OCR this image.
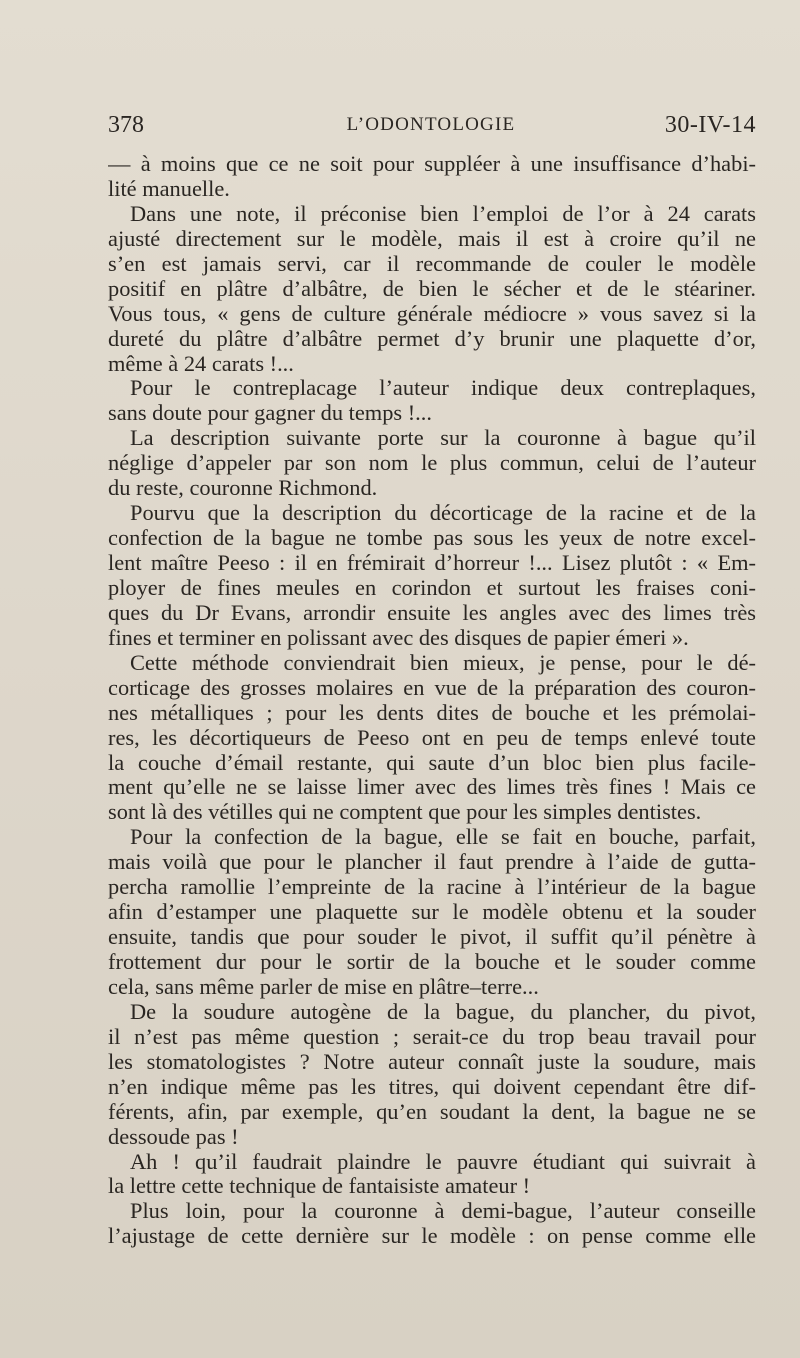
378	L’ODONTOLOGIE	30-IV-14
— à moins que ce ne soit pour suppléer à une insuffisance d’habi-
lité manuelle.
Dans une note, il préconise bien l’emploi de l’or à 24 carats
ajusté directement sur le modèle, mais il est à croire qu’il ne
s’en est jamais servi, car il recommande de couler le modèle
positif en plâtre d’albâtre, de bien le sécher et de le stéariner.
Vous tous, « gens de culture générale médiocre » vous savez si la
dureté du plâtre d’albâtre permet d’y brunir une plaquette d’or,
même à 24 carats !...
Pour le contreplacage l’auteur indique deux contreplaques,
sans doute pour gagner du temps !...
La description suivante porte sur la couronne à bague qu’il
néglige d’appeler par son nom le plus commun, celui de l’auteur
du reste, couronne Richmond.
Pourvu que la description du décorticage de la racine et de la
confection de la bague ne tombe pas sous les yeux de notre excel-
lent maître Peeso : il en frémirait d’horreur !... Lisez plutôt : « Em-
ployer de fines meules en corindon et surtout les fraises coni-
ques du Dr Evans, arrondir ensuite les angles avec des limes très
fines et terminer en polissant avec des disques de papier émeri ».
Cette méthode conviendrait bien mieux, je pense, pour le dé-
corticage des grosses molaires en vue de la préparation des couron-
nes métalliques ; pour les dents dites de bouche et les prémolai-
res, les décortiqueurs de Peeso ont en peu de temps enlevé toute
la couche d’émail restante, qui saute d’un bloc bien plus facile-
ment qu’elle ne se laisse limer avec des limes très fines ! Mais ce
sont là des vétilles qui ne comptent que pour les simples dentistes.
Pour la confection de la bague, elle se fait en bouche, parfait,
mais voilà que pour le plancher il faut prendre à l’aide de gutta-
percha ramollie l’empreinte de la racine à l’intérieur de la bague
afin d’estamper une plaquette sur le modèle obtenu et la souder
ensuite, tandis que pour souder le pivot, il suffit qu’il pénètre à
frottement dur pour le sortir de la bouche et le souder comme
cela, sans même parler de mise en plâtre–terre...
De la soudure autogène de la bague, du plancher, du pivot,
il n’est pas même question ; serait-ce du trop beau travail pour
les stomatologistes ? Notre auteur connaît juste la soudure, mais
n’en indique même pas les titres, qui doivent cependant être dif-
férents, afin, par exemple, qu’en soudant la dent, la bague ne se
dessoude pas !
Ah ! qu’il faudrait plaindre le pauvre étudiant qui suivrait à
la lettre cette technique de fantaisiste amateur !
Plus loin, pour la couronne à demi-bague, l’auteur conseille
l’ajustage de cette dernière sur le modèle : on pense comme elle
